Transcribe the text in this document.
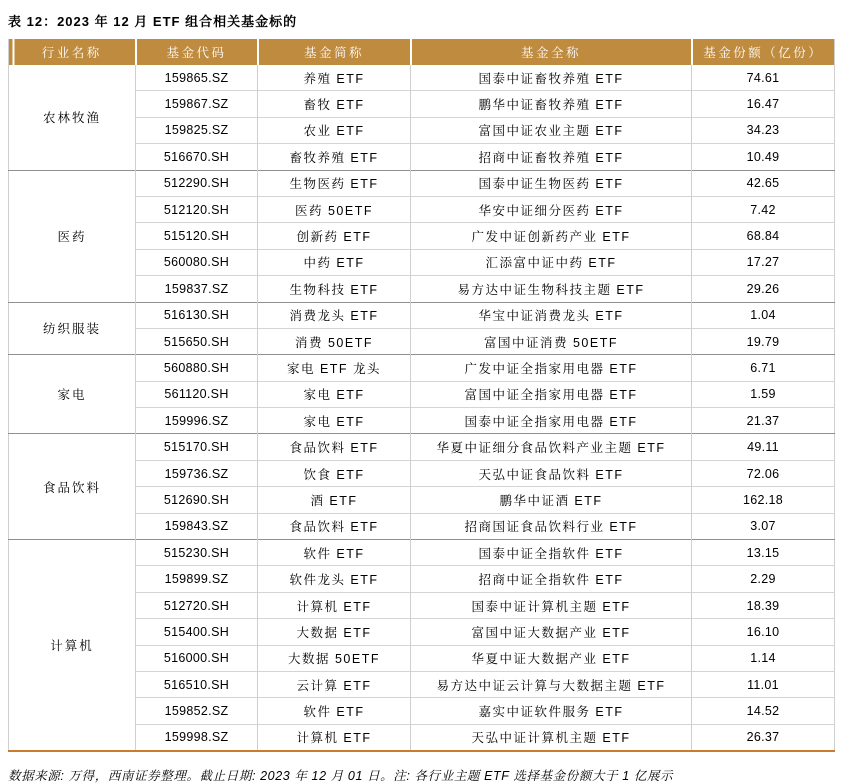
表 12：2023 年 12 月 ETF 组合相关基金标的
行业名称	基金代码	基金简称	基金全称	基金份额（亿份）
农林牧渔	159865.SZ	养殖 ETF	国泰中证畜牧养殖 ETF	74.61
	159867.SZ	畜牧 ETF	鹏华中证畜牧养殖 ETF	16.47
	159825.SZ	农业 ETF	富国中证农业主题 ETF	34.23
	516670.SH	畜牧养殖 ETF	招商中证畜牧养殖 ETF	10.49
医药	512290.SH	生物医药 ETF	国泰中证生物医药 ETF	42.65
	512120.SH	医药 50ETF	华安中证细分医药 ETF	7.42
	515120.SH	创新药 ETF	广发中证创新药产业 ETF	68.84
	560080.SH	中药 ETF	汇添富中证中药 ETF	17.27
	159837.SZ	生物科技 ETF	易方达中证生物科技主题 ETF	29.26
纺织服装	516130.SH	消费龙头 ETF	华宝中证消费龙头 ETF	1.04
	515650.SH	消费 50ETF	富国中证消费 50ETF	19.79
家电	560880.SH	家电 ETF 龙头	广发中证全指家用电器 ETF	6.71
	561120.SH	家电 ETF	富国中证全指家用电器 ETF	1.59
	159996.SZ	家电 ETF	国泰中证全指家用电器 ETF	21.37
食品饮料	515170.SH	食品饮料 ETF	华夏中证细分食品饮料产业主题 ETF	49.11
	159736.SZ	饮食 ETF	天弘中证食品饮料 ETF	72.06
	512690.SH	酒 ETF	鹏华中证酒 ETF	162.18
	159843.SZ	食品饮料 ETF	招商国证食品饮料行业 ETF	3.07
计算机	515230.SH	软件 ETF	国泰中证全指软件 ETF	13.15
	159899.SZ	软件龙头 ETF	招商中证全指软件 ETF	2.29
	512720.SH	计算机 ETF	国泰中证计算机主题 ETF	18.39
	515400.SH	大数据 ETF	富国中证大数据产业 ETF	16.10
	516000.SH	大数据 50ETF	华夏中证大数据产业 ETF	1.14
	516510.SH	云计算 ETF	易方达中证云计算与大数据主题 ETF	11.01
	159852.SZ	软件 ETF	嘉实中证软件服务 ETF	14.52
	159998.SZ	计算机 ETF	天弘中证计算机主题 ETF	26.37
数据来源: 万得，西南证券整理。截止日期: 2023 年 12 月 01 日。注: 各行业主题 ETF 选择基金份额大于 1 亿展示
